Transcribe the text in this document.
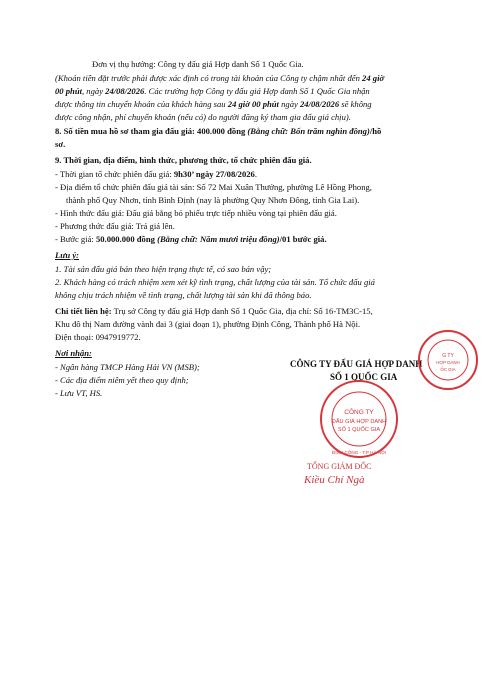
Đơn vị thụ hưởng: Công ty đấu giá Hợp danh Số 1 Quốc Gia.
(Khoản tiền đặt trước phải được xác định có trong tài khoản của Công ty chậm nhất đến 24 giờ
00 phút, ngày 24/08/2026. Các trường hợp Công ty đấu giá Hợp danh Số 1 Quốc Gia nhận
được thông tin chuyển khoản của khách hàng sau 24 giờ 00 phút ngày 24/08/2026 sẽ không
được công nhận, phí chuyển khoản (nếu có) do người đăng ký tham gia đấu giá chịu).
8. Số tiền mua hồ sơ tham gia đấu giá: 400.000 đồng (Bằng chữ: Bốn trăm nghìn đồng)/hồ
sơ.
9. Thời gian, địa điểm, hình thức, phương thức, tổ chức phiên đấu giá.
- Thời gian tổ chức phiên đấu giá: 9h30’ ngày 27/08/2026.
- Địa điểm tổ chức phiên đấu giá tài sản: Số 72 Mai Xuân Thưởng, phường Lê Hồng Phong,
thành phố Quy Nhơn, tỉnh Bình Định (nay là phường Quy Nhơn Đông, tỉnh Gia Lai).
- Hình thức đấu giá: Đấu giá bằng bỏ phiếu trực tiếp nhiều vòng tại phiên đấu giá.
- Phương thức đấu giá: Trả giá lên.
- Bước giá: 50.000.000 đồng (Bằng chữ: Năm mươi triệu đồng)/01 bước giá.
Lưu ý:
1. Tài sản đấu giá bán theo hiện trạng thực tế, có sao bán vậy;
2. Khách hàng có trách nhiệm xem xét kỹ tình trạng, chất lượng của tài sản. Tổ chức đấu giá
không chịu trách nhiệm về tình trạng, chất lượng tài sản khi đã thông báo.
Chi tiết liên hệ: Trụ sở Công ty đấu giá Hợp danh Số 1 Quốc Gia, địa chỉ: Số 16-TM3C-15,
Khu đô thị Nam đường vành đai 3 (giai đoạn 1), phường Định Công, Thành phố Hà Nội.
Điện thoại: 0947919772.
Nơi nhận:
- Ngân hàng TMCP Hàng Hải VN (MSB);
- Các địa điểm niêm yết theo quy định;
- Lưu VT, HS.
CÔNG TY ĐẤU GIÁ HỢP DANH
SỐ 1 QUỐC GIA
CÔNG TY
ĐẤU GIÁ HỢP DANH
SỐ 1 QUỐC GIA
ĐỊNH CÔNG - T.P HÀ NỘI
G TY
HỢP DANH
ỐC GIA
TỔNG GIÁM ĐỐC
Kiều Chí Ngà
